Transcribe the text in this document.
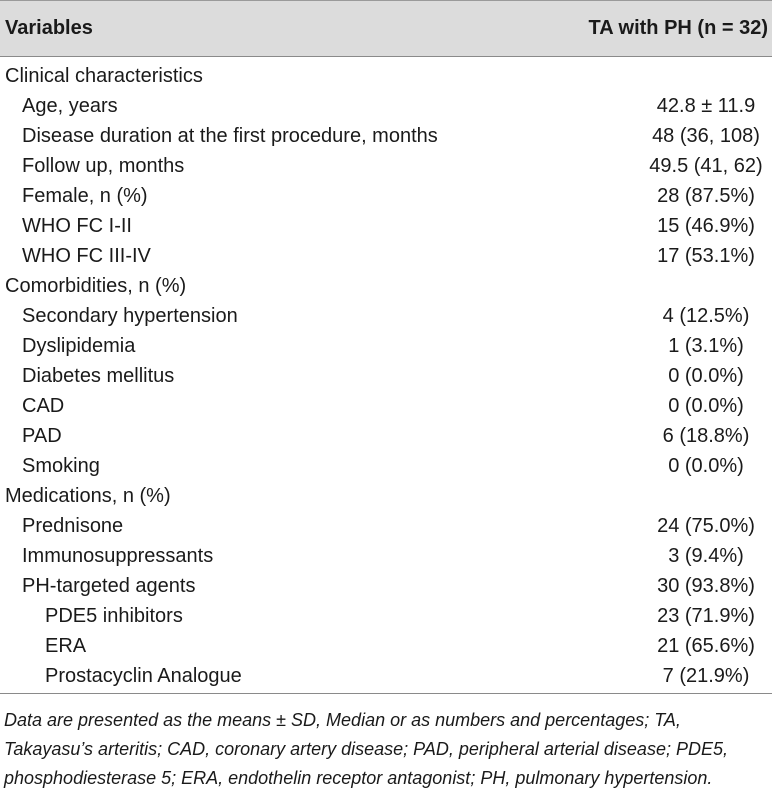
Variables	TA with PH (n = 32)
Clinical characteristics	
Age, years	42.8 ± 11.9
Disease duration at the first procedure, months	48 (36, 108)
Follow up, months	49.5 (41, 62)
Female, n (%)	28 (87.5%)
WHO FC I-II	15 (46.9%)
WHO FC III-IV	17 (53.1%)
Comorbidities, n (%)	
Secondary hypertension	4 (12.5%)
Dyslipidemia	1 (3.1%)
Diabetes mellitus	0 (0.0%)
CAD	0 (0.0%)
PAD	6 (18.8%)
Smoking	0 (0.0%)
Medications, n (%)	
Prednisone	24 (75.0%)
Immunosuppressants	3 (9.4%)
PH-targeted agents	30 (93.8%)
PDE5 inhibitors	23 (71.9%)
ERA	21 (65.6%)
Prostacyclin Analogue	7 (21.9%)
Data are presented as the means ± SD, Median or as numbers and percentages; TA, Takayasu’s arteritis; CAD, coronary artery disease; PAD, peripheral arterial disease; PDE5, phosphodiesterase 5; ERA, endothelin receptor antagonist; PH, pulmonary hypertension.
